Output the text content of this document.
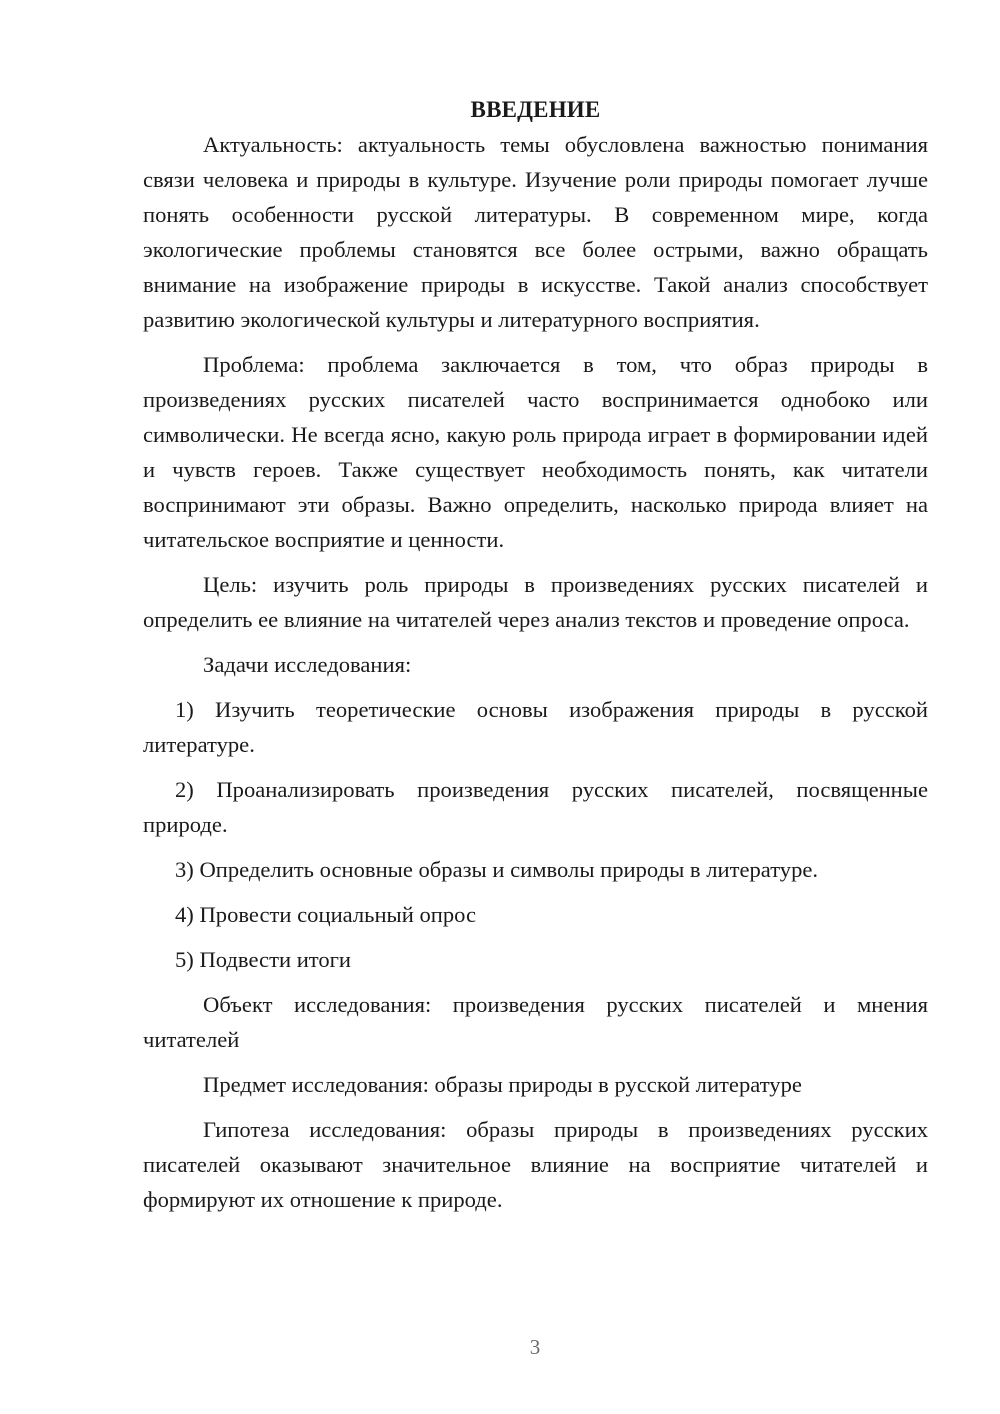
ВВЕДЕНИЕ

Актуальность: актуальность темы обусловлена важностью понимания связи человека и природы в культуре. Изучение роли природы помогает лучше понять особенности русской литературы. В современном мире, когда экологические проблемы становятся все более острыми, важно обращать внимание на изображение природы в искусстве. Такой анализ способствует развитию экологической культуры и литературного восприятия.

Проблема: проблема заключается в том, что образ природы в произведениях русских писателей часто воспринимается однобоко или символически. Не всегда ясно, какую роль природа играет в формировании идей и чувств героев. Также существует необходимость понять, как читатели воспринимают эти образы. Важно определить, насколько природа влияет на читательское восприятие и ценности.

Цель: изучить роль природы в произведениях русских писателей и определить ее влияние на читателей через анализ текстов и проведение опроса.

Задачи исследования:

1) Изучить теоретические основы изображения природы в русской литературе.

2) Проанализировать произведения русских писателей, посвященные природе.

3) Определить основные образы и символы природы в литературе.

4) Провести социальный опрос

5) Подвести итоги

Объект исследования: произведения русских писателей и мнения читателей

Предмет исследования: образы природы в русской литературе

Гипотеза исследования: образы природы в произведениях русских писателей оказывают значительное влияние на восприятие читателей и формируют их отношение к природе.

3
